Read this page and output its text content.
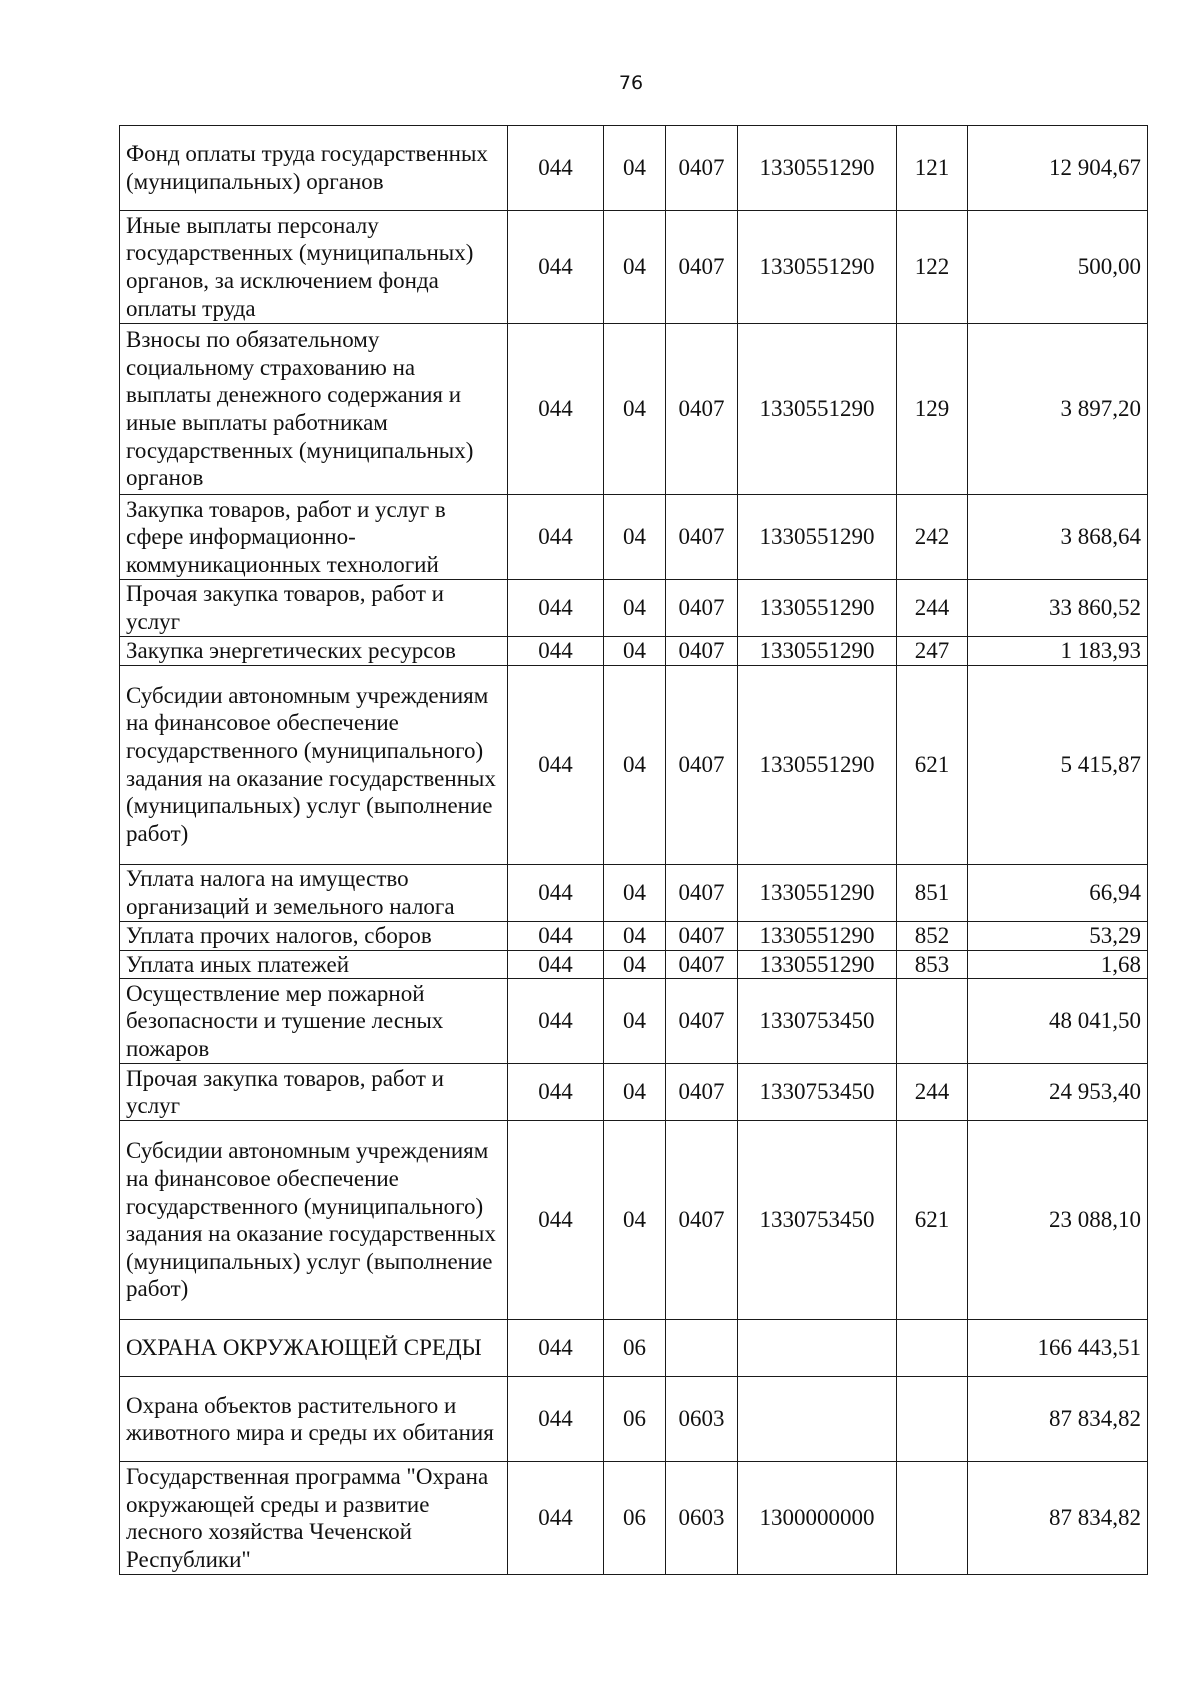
76
Фонд оплаты труда государственных (муниципальных) органов	044	04	0407	1330551290	121	12 904,67
Иные выплаты персоналу государственных (муниципальных) органов, за исключением фонда оплаты труда	044	04	0407	1330551290	122	500,00
Взносы по обязательному социальному страхованию на выплаты денежного содержания и иные выплаты работникам государственных (муниципальных) органов	044	04	0407	1330551290	129	3 897,20
Закупка товаров, работ и услуг в сфере информационно-коммуникационных технологий	044	04	0407	1330551290	242	3 868,64
Прочая закупка товаров, работ и услуг	044	04	0407	1330551290	244	33 860,52
Закупка энергетических ресурсов	044	04	0407	1330551290	247	1 183,93
Субсидии автономным учреждениям на финансовое обеспечение государственного (муниципального) задания на оказание государственных (муниципальных) услуг (выполнение работ)	044	04	0407	1330551290	621	5 415,87
Уплата налога на имущество организаций и земельного налога	044	04	0407	1330551290	851	66,94
Уплата прочих налогов, сборов	044	04	0407	1330551290	852	53,29
Уплата иных платежей	044	04	0407	1330551290	853	1,68
Осуществление мер пожарной безопасности и тушение лесных пожаров	044	04	0407	1330753450		48 041,50
Прочая закупка товаров, работ и услуг	044	04	0407	1330753450	244	24 953,40
Субсидии автономным учреждениям на финансовое обеспечение государственного (муниципального) задания на оказание государственных (муниципальных) услуг (выполнение работ)	044	04	0407	1330753450	621	23 088,10
ОХРАНА ОКРУЖАЮЩЕЙ СРЕДЫ	044	06				166 443,51
Охрана объектов растительного и животного мира и среды их обитания	044	06	0603			87 834,82
Государственная программа "Охрана окружающей среды и развитие лесного хозяйства Чеченской Республики"	044	06	0603	1300000000		87 834,82
